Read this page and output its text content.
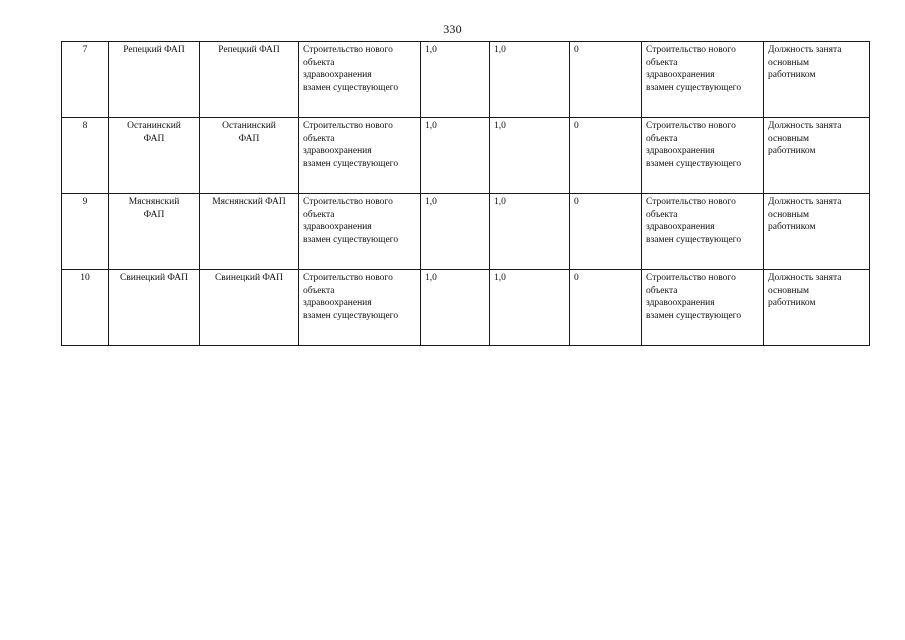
330
7	Репецкий ФАП	Репецкий ФАП	Строительство нового
объекта
здравоохранения
взамен существующего	1,0	1,0	0	Строительство нового
объекта
здравоохранения
взамен существующего	Должность занята
основным
работником

8	Останинский
ФАП	Останинский
ФАП	Строительство нового
объекта
здравоохранения
взамен существующего	1,0	1,0	0	Строительство нового
объекта
здравоохранения
взамен существующего	Должность занята
основным
работником

9	Мяснянский
ФАП	Мяснянский ФАП	Строительство нового
объекта
здравоохранения
взамен существующего	1,0	1,0	0	Строительство нового
объекта
здравоохранения
взамен существующего	Должность занята
основным
работником

10	Свинецкий ФАП	Свинецкий ФАП	Строительство нового
объекта
здравоохранения
взамен существующего	1,0	1,0	0	Строительство нового
объекта
здравоохранения
взамен существующего	Должность занята
основным
работником
